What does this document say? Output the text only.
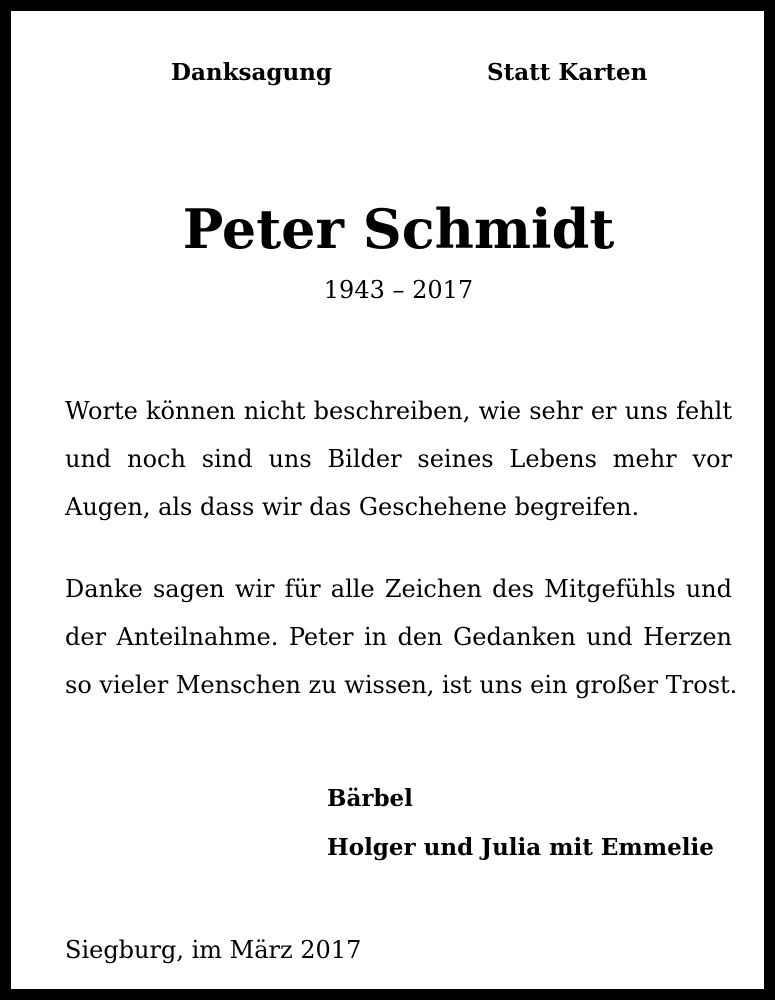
Danksagung	Statt Karten
Peter Schmidt
1943 – 2017
Worte können nicht beschreiben, wie sehr er uns fehlt
und noch sind uns Bilder seines Lebens mehr vor
Augen, als dass wir das Geschehene begreifen.
Danke sagen wir für alle Zeichen des Mitgefühls und
der Anteilnahme. Peter in den Gedanken und Herzen
so vieler Menschen zu wissen, ist uns ein großer Trost.
Bärbel
Holger und Julia mit Emmelie
Siegburg, im März 2017
